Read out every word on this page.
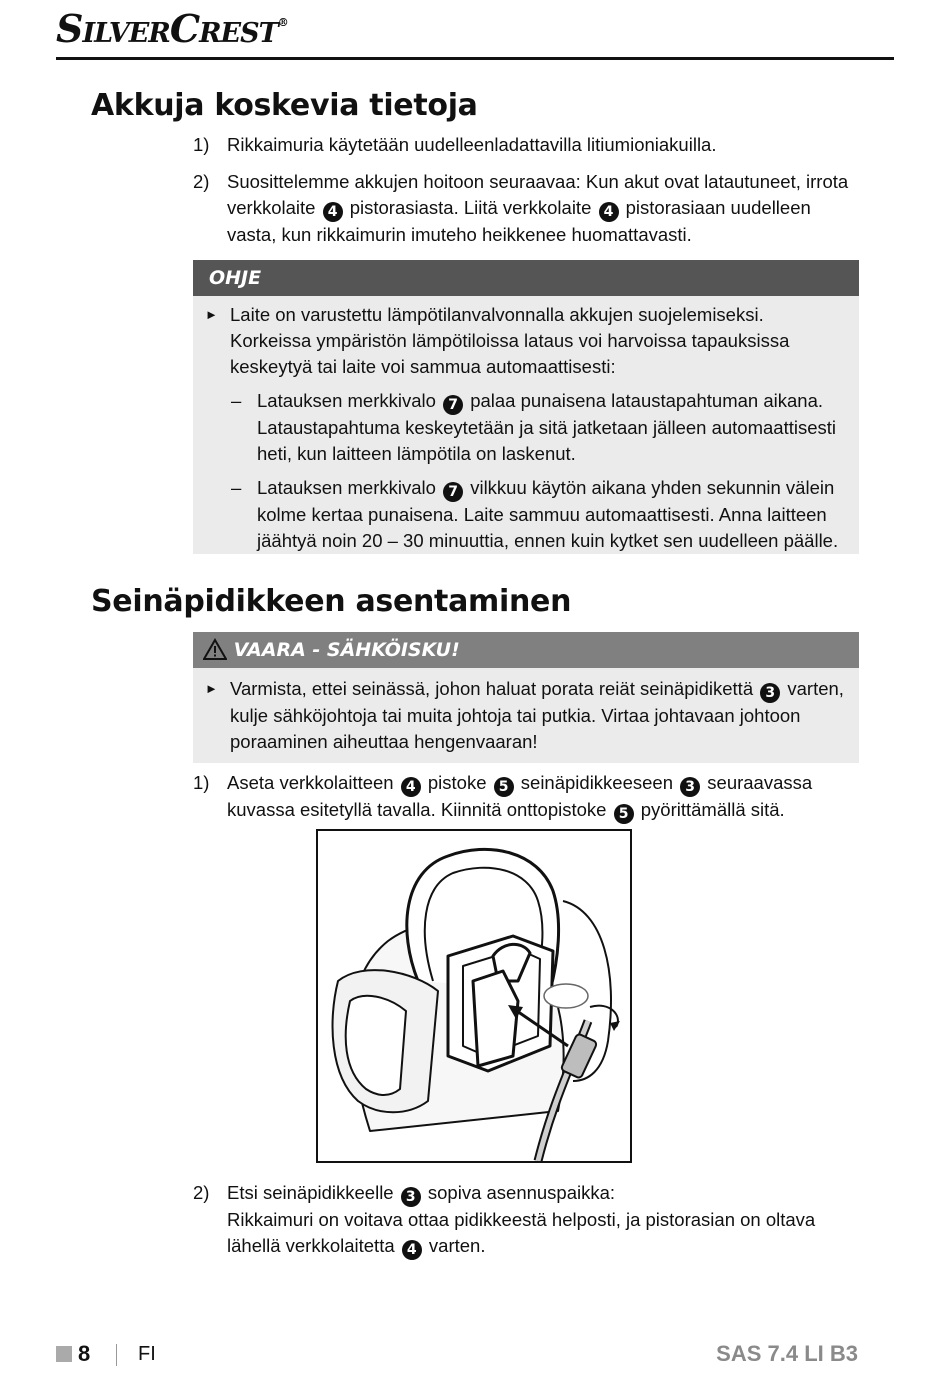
SilverCrest®
Akkuja koskevia tietoja
1) Rikkaimuria käytetään uudelleenladattavilla litiumioniakuilla.
2) Suosittelemme akkujen hoitoon seuraavaa: Kun akut ovat latautuneet, irrota verkkolaite 4 pistorasiasta. Liitä verkkolaite 4 pistorasiaan uudelleen vasta, kun rikkaimurin imuteho heikkenee huomattavasti.
OHJE
► Laite on varustettu lämpötilanvalvonnalla akkujen suojelemiseksi. Korkeissa ympäristön lämpötiloissa lataus voi harvoissa tapauksissa keskeytyä tai laite voi sammua automaattisesti:
– Latauksen merkkivalo 7 palaa punaisena lataustapahtuman aikana. Lataustapahtuma keskeytetään ja sitä jatketaan jälleen automaattisesti heti, kun laitteen lämpötila on laskenut.
– Latauksen merkkivalo 7 vilkkuu käytön aikana yhden sekunnin välein kolme kertaa punaisena. Laite sammuu automaattisesti. Anna laitteen jäähtyä noin 20 – 30 minuuttia, ennen kuin kytket sen uudelleen päälle.
Seinäpidikkeen asentaminen
VAARA - SÄHKÖISKU!
► Varmista, ettei seinässä, johon haluat porata reiät seinäpidikettä 3 varten, kulje sähköjohtoja tai muita johtoja tai putkia. Virtaa johtavaan johtoon poraaminen aiheuttaa hengenvaaran!
1) Aseta verkkolaitteen 4 pistoke 5 seinäpidikkeeseen 3 seuraavassa kuvassa esitetyllä tavalla. Kiinnitä onttopistoke 5 pyörittämällä sitä.
2) Etsi seinäpidikkeelle 3 sopiva asennuspaikka:
Rikkaimuri on voitava ottaa pidikkeestä helposti, ja pistorasian on oltava lähellä verkkolaitetta 4 varten.
8 FI	SAS 7.4 LI B3
